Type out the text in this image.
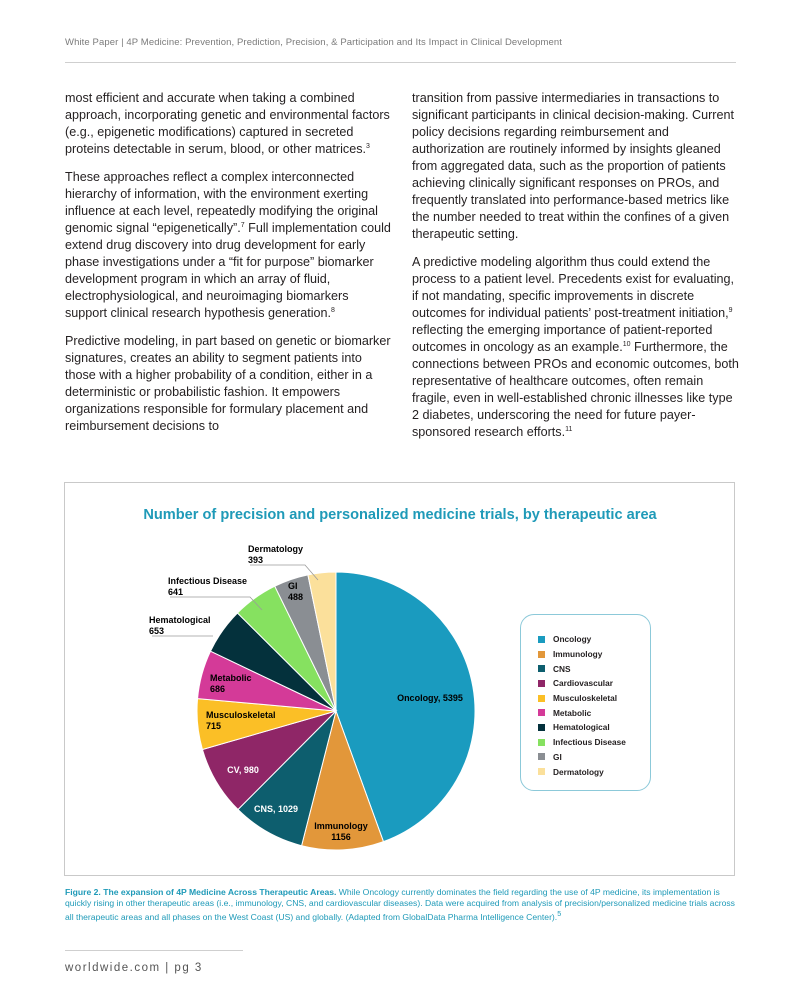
White Paper | 4P Medicine: Prevention, Prediction, Precision, & Participation and Its Impact in Clinical Development

most efficient and accurate when taking a combined approach, incorporating genetic and environmental factors (e.g., epigenetic modifications) captured in secreted proteins detectable in serum, blood, or other matrices.$^3$

These approaches reflect a complex interconnected hierarchy of information, with the environment exerting influence at each level, repeatedly modifying the original genomic signal “epigenetically”.$^7$ Full implementation could extend drug discovery into drug development for early phase investigations under a “fit for purpose” biomarker development program in which an array of fluid, electrophysiological, and neuroimaging biomarkers support clinical research hypothesis generation.$^8$

Predictive modeling, in part based on genetic or biomarker signatures, creates an ability to segment patients into those with a higher probability of a condition, either in a deterministic or probabilistic fashion. It empowers organizations responsible for formulary placement and reimbursement decisions to

transition from passive intermediaries in transactions to significant participants in clinical decision-making. Current policy decisions regarding reimbursement and authorization are routinely informed by insights gleaned from aggregated data, such as the proportion of patients achieving clinically significant responses on PROs, and frequently translated into performance-based metrics like the number needed to treat within the confines of a given therapeutic setting.

A predictive modeling algorithm thus could extend the process to a patient level. Precedents exist for evaluating, if not mandating, specific improvements in discrete outcomes for individual patients’ post-treatment initiation,$^9$ reflecting the emerging importance of patient-reported outcomes in oncology as an example.$^{10}$ Furthermore, the connections between PROs and economic outcomes, both representative of healthcare outcomes, often remain fragile, even in well-established chronic illnesses like type 2 diabetes, underscoring the need for future payer-sponsored research efforts.$^{11}$

Number of precision and personalized medicine trials, by therapeutic area
Oncology, 5395
Immunology 1156
CNS, 1029
CV, 980
Musculoskeletal 715
Metabolic 686
Hematological 653
Infectious Disease 641
GI 488
Dermatology 393
Oncology
Immunology
CNS
Cardiovascular
Musculoskeletal
Metabolic
Hematological
Infectious Disease
GI
Dermatology
Figure 2. The expansion of 4P Medicine Across Therapeutic Areas. While Oncology currently dominates the field regarding the use of 4P medicine, its implementation is quickly rising in other therapeutic areas (i.e., immunology, CNS, and cardiovascular diseases). Data were acquired from analysis of precision/personalized medicine trials across all therapeutic areas and all phases on the West Coast (US) and globally. (Adapted from GlobalData Pharma Intelligence Center).$^5$
worldwide.com | pg 3
